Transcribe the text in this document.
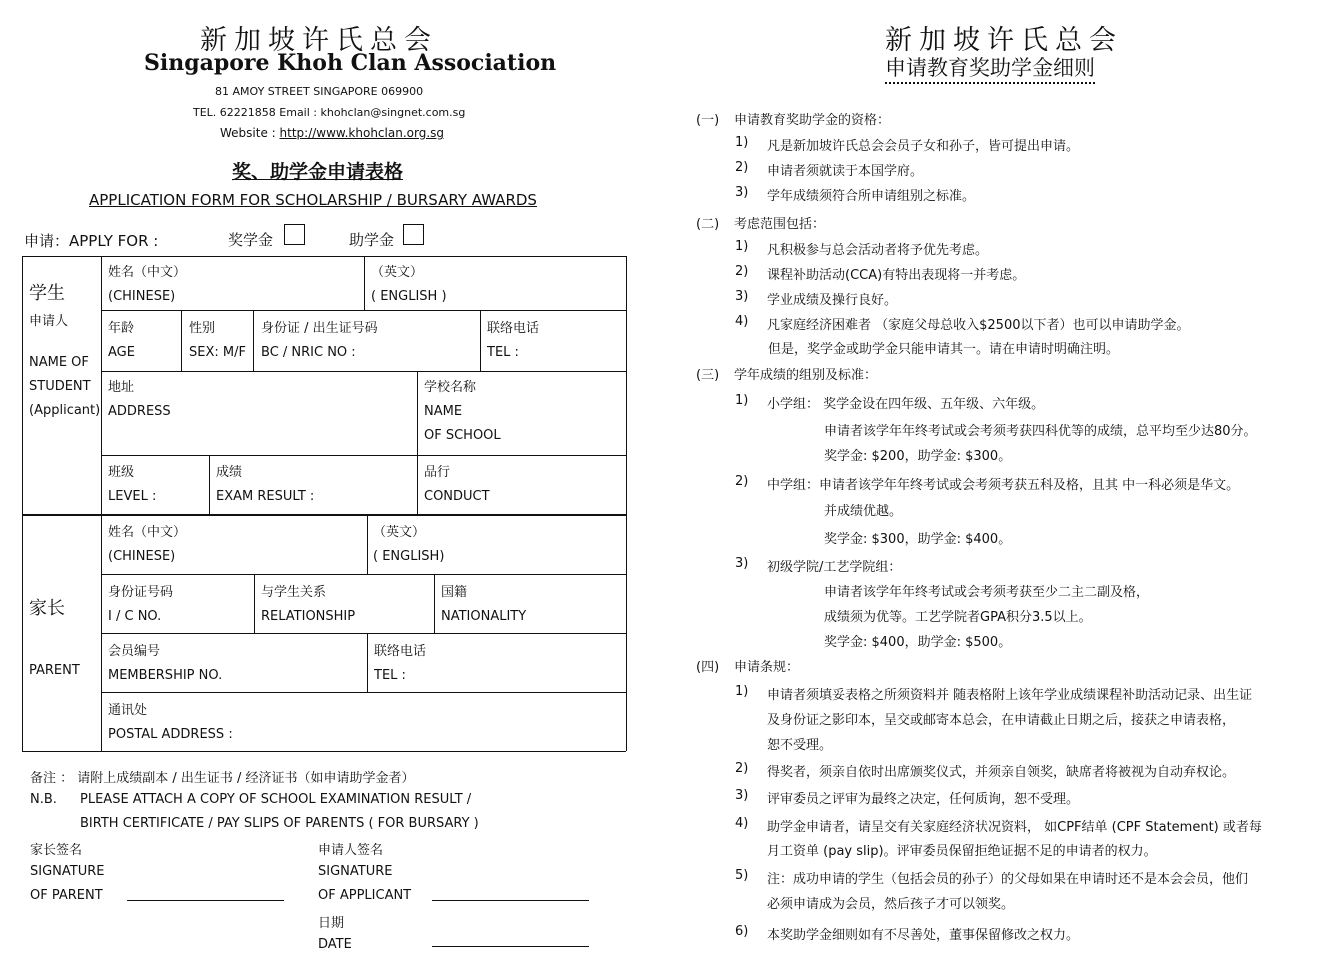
新加坡许氏总会
Singapore Khoh Clan Association
81 AMOY STREET SINGAPORE 069900
TEL. 62221858 Email : khohclan@singnet.com.sg
Website : http://www.khohclan.org.sg
奖、助学金申请表格
APPLICATION FORM FOR SCHOLARSHIP / BURSARY AWARDS
申请：APPLY FOR :	奖学金	助学金
学生
申请人
NAME OF
STUDENT
(Applicant)
姓名（中文）
(CHINESE)
（英文）
( ENGLISH )
年龄
AGE
性别
SEX: M/F
身份证 / 出生证号码
BC / NRIC NO :
联络电话
TEL :
地址
ADDRESS
学校名称
NAME
OF SCHOOL
班级
LEVEL :
成绩
EXAM RESULT :
品行
CONDUCT
家长
PARENT
姓名（中文）
(CHINESE)
（英文）
( ENGLISH)
身份证号码
I / C NO.
与学生关系
RELATIONSHIP
国籍
NATIONALITY
会员编号
MEMBERSHIP NO.
联络电话
TEL :
通讯处
POSTAL ADDRESS :
备注 ： 请附上成绩副本 / 出生证书 / 经济证书（如申请助学金者）
N.B. PLEASE ATTACH A COPY OF SCHOOL EXAMINATION RESULT /
BIRTH CERTIFICATE / PAY SLIPS OF PARENTS ( FOR BURSARY )
家长签名
SIGNATURE
OF PARENT
申请人签名
SIGNATURE
OF APPLICANT
日期
DATE
新加坡许氏总会
申请教育奖助学金细则
(一) 申请教育奖助学金的资格：
1) 凡是新加坡许氏总会会员子女和孙子，皆可提出申请。
2) 申请者须就读于本国学府。
3) 学年成绩须符合所申请组别之标准。
(二) 考虑范围包括：
1) 凡积极参与总会活动者将予优先考虑。
2) 课程补助活动(CCA)有特出表现将一并考虑。
3) 学业成绩及操行良好。
4) 凡家庭经济困难者 （家庭父母总收入$2500以下者）也可以申请助学金。
但是，奖学金或助学金只能申请其一。请在申请时明确注明。
(三) 学年成绩的组别及标准：
1) 小学组： 奖学金设在四年级、五年级、六年级。
申请者该学年年终考试或会考须考获四科优等的成绩，总平均至少达80分。
奖学金: $200，助学金: $300。
2) 中学组：申请者该学年年终考试或会考须考获五科及格，且其 中一科必须是华文。
并成绩优越。
奖学金: $300，助学金: $400。
3) 初级学院/工艺学院组：
申请者该学年年终考试或会考须考获至少二主二副及格，
成绩须为优等。工艺学院者GPA积分3.5以上。
奖学金: $400，助学金: $500。
(四) 申请条规：
1) 申请者须填妥表格之所须资料并 随表格附上该年学业成绩课程补助活动记录、出生证
及身份证之影印本，呈交或邮寄本总会，在申请截止日期之后，接获之申请表格，
恕不受理。
2) 得奖者，须亲自依时出席颁奖仪式，并须亲自领奖，缺席者将被视为自动弃权论。
3) 评审委员之评审为最终之决定，任何质询，恕不受理。
4) 助学金申请者，请呈交有关家庭经济状况资料， 如CPF结单 (CPF Statement) 或者每
月工资单 (pay slip)。评审委员保留拒绝证据不足的申请者的权力。
5) 注：成功申请的学生（包括会员的孙子）的父母如果在申请时还不是本会会员，他们
必须申请成为会员，然后孩子才可以领奖。
6) 本奖助学金细则如有不尽善处，董事保留修改之权力。
